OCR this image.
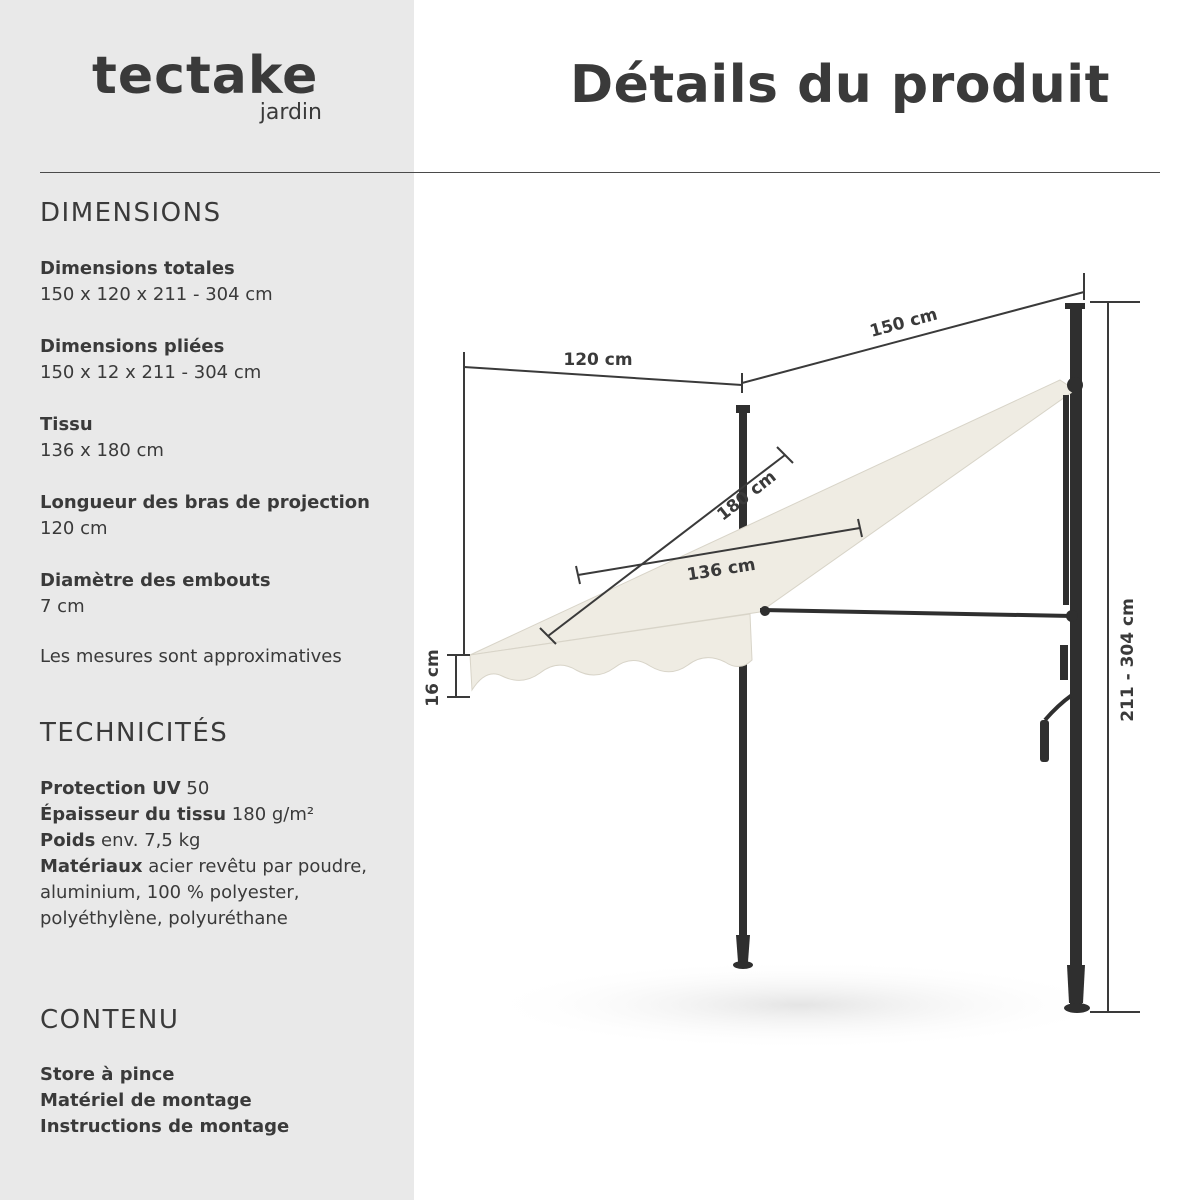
tectake
jardin	Détails du produit
DIMENSIONS
Dimensions totales
150 x 120 x 211 - 304 cm
Dimensions pliées
150 x 12 x 211 - 304 cm
Tissu
136 x 180 cm
Longueur des bras de projection
120 cm
Diamètre des embouts
7 cm
Les mesures sont approximatives
TECHNICITÉS
Protection UV 50
Épaisseur du tissu 180 g/m²
Poids env. 7,5 kg
Matériaux acier revêtu par poudre, aluminium, 100 % polyester, polyéthylène, polyuréthane
CONTENU
Store à pince
Matériel de montage
Instructions de montage
120 cm
150 cm
180 cm
136 cm
16 cm	211 - 304 cm
